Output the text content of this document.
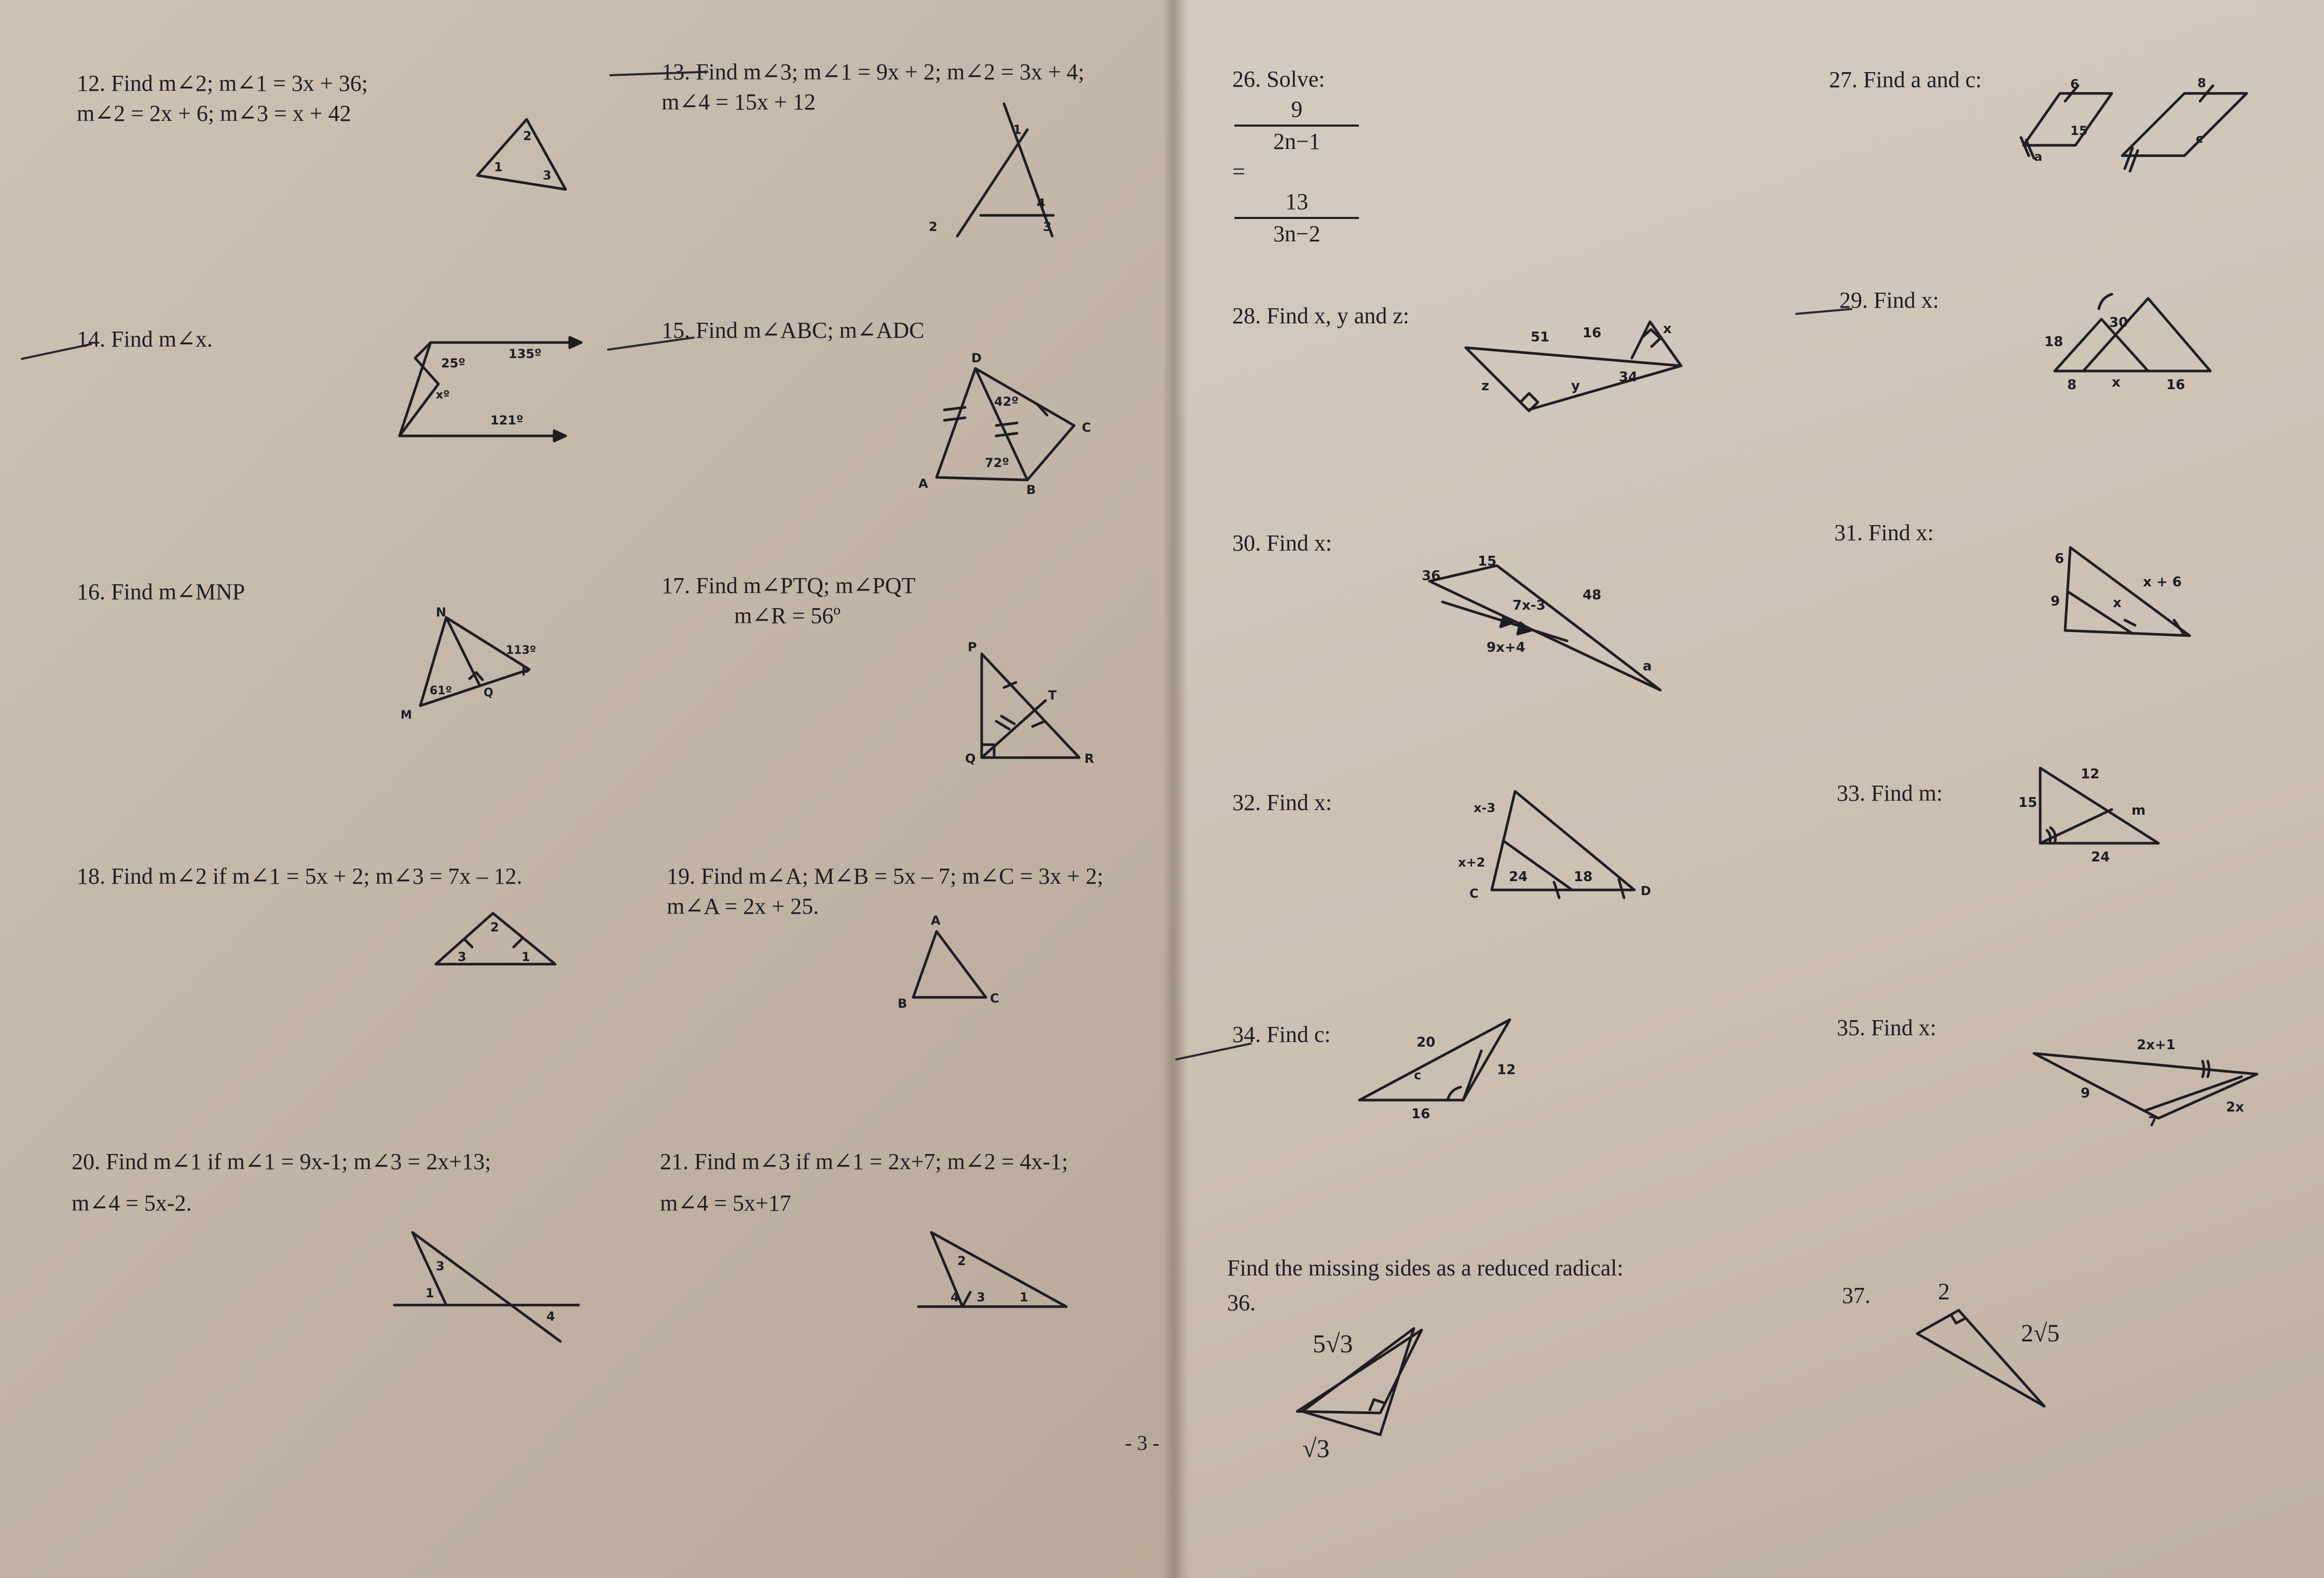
12. Find m∠2; m∠1 = 3x + 36;
m∠2 = 2x + 6; m∠3 = x + 42
2
1
3
13. Find m∠3; m∠1 = 9x + 2; m∠2 = 3x + 4;
m∠4 = 15x + 12
1
2
4
3
14. Find m∠x.
25º
135º
xº
121º
15. Find m∠ABC; m∠ADC
D
42º
C
72º
A	B
16. Find m∠MNP
N
113º
P
61º	Q
M
17. Find m∠PTQ; m∠PQT
m∠R = 56º
P
T
Q	R
18. Find m∠2 if m∠1 = 5x + 2; m∠3 = 7x – 12.
2
3	1
19. Find m∠A; M∠B = 5x – 7; m∠C = 3x + 2;
m∠A = 2x + 25.
A
B	C
20. Find m∠1 if m∠1 = 9x-1; m∠3 = 2x+13;
m∠4 = 5x-2.
3
1
4
21. Find m∠3 if m∠1 = 2x+7; m∠2 = 4x-1;
m∠4 = 5x+17
2
4 3	1
- 3 -
26. Solve:
9
2n−1
=
13
3n−2
27. Find a and c:	6	8
15
a
c
28. Find x, y and z:
51 16	x
34
z	y
29. Find x:
30
18
8	x	16
30. Find x:
36
15
7x-3
48
9x+4
a
31. Find x:
6
x + 6
9	x
32. Find x:	x-3
x+2
24	18
C	D
33. Find m:
12
15	m
24
34. Find c:	20
c	12
16
35. Find x:
2x+1
9
7
2x
Find the missing sides as a reduced radical:
36.
5√3
√3
37.	2
2√5
